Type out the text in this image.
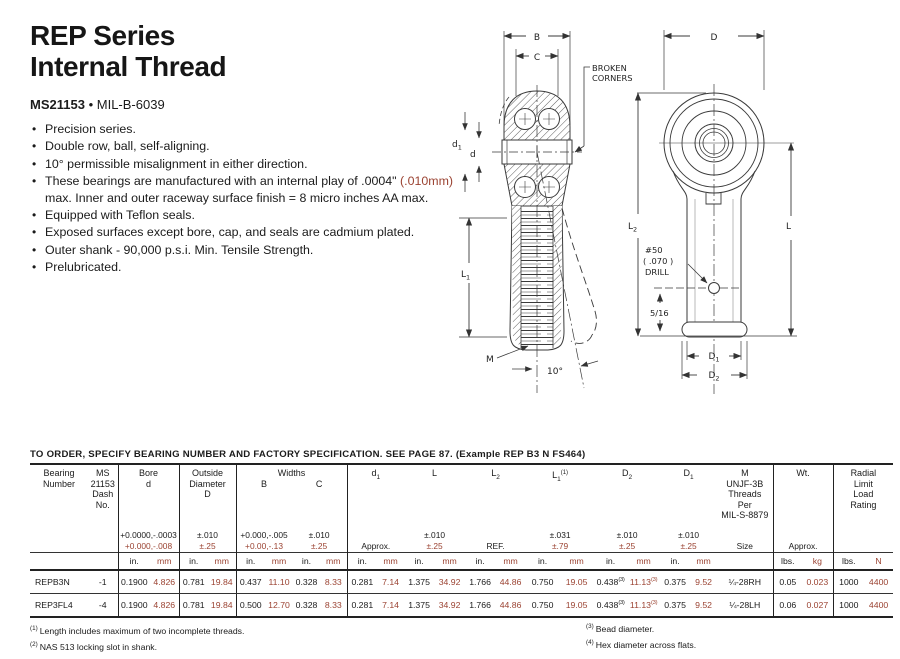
REP Series
Internal Thread
MS21153 • MIL-B-6039
• Precision series.
• Double row, ball, self-aligning.
• 10° permissible misalignment in either direction.
• These bearings are manufactured with an internal play of .0004" (.010mm) max. Inner and outer raceway surface finish = 8 micro inches AA max.
• Equipped with Teflon seals.
• Exposed surfaces except bore, cap, and seals are cadmium plated.
• Outer shank - 90,000 p.s.i. Min. Tensile Strength.
• Prelubricated.
B
C
BROKEN
CORNERS
$d_1$
d
$L_1$
M
10°
D
$L_2$	L
#50
( .070 )
DRILL
5/16
$D_1$
$D_2$
TO ORDER, SPECIFY BEARING NUMBER AND FACTORY SPECIFICATION. SEE PAGE 87. (Example REP B3 N FS464)
Bearing
Number

MS
21153
Dash
No.

Bore
d
+0.0000,-.0003
+0.000,-.008

Outside
Diameter
D
±.010
±.25

Widths
B	C
+0.000,-.005
+0.00,-.13
±.010
±.25

$d_1$
Approx.

L
±.010
±.25

$L_2$
REF.

$L_1^{(1)}$
±.031
±.79

$D_2$
±.010
±.25

$D_1$
±.010
±.25

M
UNJF-3B
Threads
Per
MIL-S-8879
Size

Wt.
Approx.

Radial
Limit
Load
Rating

		in.	mm	in.	mm	in.	mm	in.	mm	in.	mm	in.	mm	in.	mm	in.	mm	in.	mm	in.	mm		lbs.	kg	lbs.	N
REPB3N	-1	0.1900	4.826	0.781	19.84	0.437	11.10	0.328	8.33	0.281	7.14	1.375	34.92	1.766	44.86	0.750	19.05	0.438$^{(3)}$	11.13$^{(3)}$	0.375	9.52	¼-28RH	0.05	0.023	1000	4400
REP3FL4	-4	0.1900	4.826	0.781	19.84	0.500	12.70	0.328	8.33	0.281	7.14	1.375	34.92	1.766	44.86	0.750	19.05	0.438$^{(3)}$	11.13$^{(3)}$	0.375	9.52	¼-28LH	0.06	0.027	1000	4400
$^{(1)}$ Length includes maximum of two incomplete threads.
$^{(2)}$ NAS 513 locking slot in shank.
$^{(3)}$ Bead diameter.
$^{(4)}$ Hex diameter across flats.
